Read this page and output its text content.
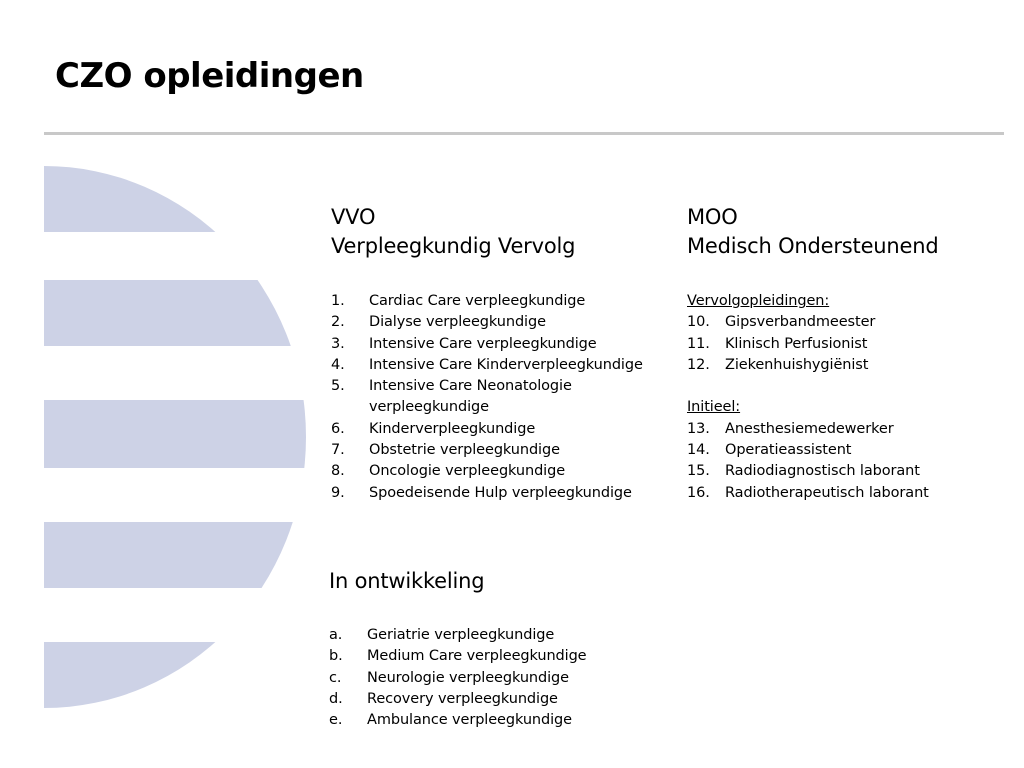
CZO opleidingen
VVO
Verpleegkundig Vervolg
1.	Cardiac Care verpleegkundige
2.	Dialyse verpleegkundige
3.	Intensive Care verpleegkundige
4.	Intensive Care Kinderverpleegkundige
5.	Intensive Care Neonatologie verpleegkundige
6.	Kinderverpleegkundige
7.	Obstetrie verpleegkundige
8.	Oncologie verpleegkundige
9.	Spoedeisende Hulp verpleegkundige
MOO
Medisch Ondersteunend
Vervolgopleidingen:
10.	Gipsverbandmeester
11.	Klinisch Perfusionist
12.	Ziekenhuishygiënist
Initieel:
13.	Anesthesiemedewerker
14.	Operatieassistent
15.	Radiodiagnostisch laborant
16.	Radiotherapeutisch laborant
In ontwikkeling
a.	Geriatrie verpleegkundige
b.	Medium Care verpleegkundige
c.	Neurologie verpleegkundige
d.	Recovery verpleegkundige
e.	Ambulance verpleegkundige
